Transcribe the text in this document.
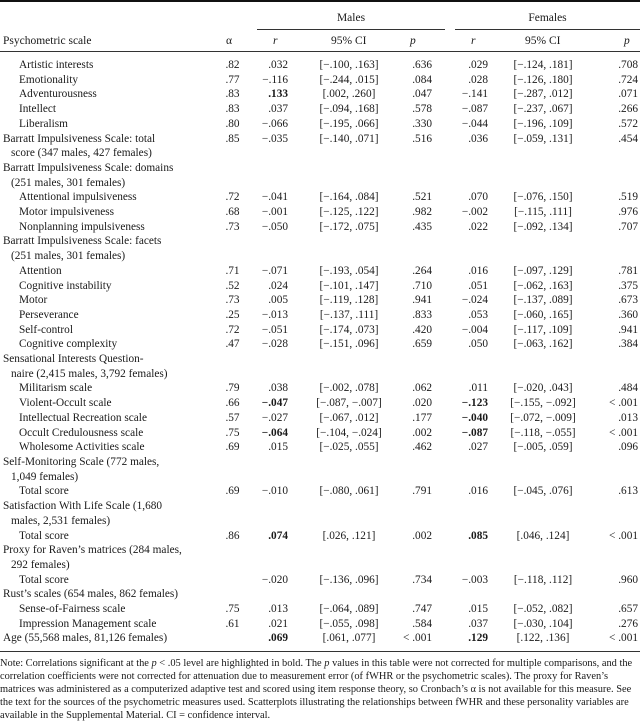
Males	Females
Psychometric scale	α	r	95% CI	p	r	95% CI	p
Artistic interests	.82	.032	[−.100, .163]	.636	.029	[−.124, .181]	.708
Emotionality	.77	−.116	[−.244, .015]	.084	.028	[−.126, .180]	.724
Adventurousness	.83	.133	[.002, .260]	.047	−.141	[−.287, .012]	.071
Intellect	.83	.037	[−.094, .168]	.578	−.087	[−.237, .067]	.266
Liberalism	.80	−.066	[−.195, .066]	.330	−.044	[−.196, .109]	.572
Barratt Impulsiveness Scale: total
score (347 males, 427 females)	.85	−.035	[−.140, .071]	.516	.036	[−.059, .131]	.454
Barratt Impulsiveness Scale: domains
(251 males, 301 females)							
Attentional impulsiveness	.72	−.041	[−.164, .084]	.521	.070	[−.076, .150]	.519
Motor impulsiveness	.68	−.001	[−.125, .122]	.982	−.002	[−.115, .111]	.976
Nonplanning impulsiveness	.73	−.050	[−.172, .075]	.435	.022	[−.092, .134]	.707
Barratt Impulsiveness Scale: facets
(251 males, 301 females)							
Attention	.71	−.071	[−.193, .054]	.264	.016	[−.097, .129]	.781
Cognitive instability	.52	.024	[−.101, .147]	.710	.051	[−.062, .163]	.375
Motor	.73	.005	[−.119, .128]	.941	−.024	[−.137, .089]	.673
Perseverance	.25	−.013	[−.137, .111]	.833	.053	[−.060, .165]	.360
Self-control	.72	−.051	[−.174, .073]	.420	−.004	[−.117, .109]	.941
Cognitive complexity	.47	−.028	[−.151, .096]	.659	.050	[−.063, .162]	.384
Sensational Interests Question-
naire (2,415 males, 3,792 females)							
Militarism scale	.79	.038	[−.002, .078]	.062	.011	[−.020, .043]	.484
Violent-Occult scale	.66	−.047	[−.087, −.007]	.020	−.123	[−.155, −.092]	< .001
Intellectual Recreation scale	.57	−.027	[−.067, .012]	.177	−.040	[−.072, −.009]	.013
Occult Credulousness scale	.75	−.064	[−.104, −.024]	.002	−.087	[−.118, −.055]	< .001
Wholesome Activities scale	.69	.015	[−.025, .055]	.462	.027	[−.005, .059]	.096
Self-Monitoring Scale (772 males,
1,049 females)							
Total score	.69	−.010	[−.080, .061]	.791	.016	[−.045, .076]	.613
Satisfaction With Life Scale (1,680
males, 2,531 females)							
Total score	.86	.074	[.026, .121]	.002	.085	[.046, .124]	< .001
Proxy for Raven’s matrices (284 males,
292 females)							
Total score		−.020	[−.136, .096]	.734	−.003	[−.118, .112]	.960
Rust’s scales (654 males, 862 females)							
Sense-of-Fairness scale	.75	.013	[−.064, .089]	.747	.015	[−.052, .082]	.657
Impression Management scale	.61	.021	[−.055, .098]	.584	.037	[−.030, .104]	.276
Age (55,568 males, 81,126 females)		.069	[.061, .077]	< .001	.129	[.122, .136]	< .001
Note: Correlations significant at the p < .05 level are highlighted in bold. The p values in this table were not corrected for multiple comparisons, and the correlation coefficients were not corrected for attenuation due to measurement error (of fWHR or the psychometric scales). The proxy for Raven’s matrices was administered as a computerized adaptive test and scored using item response theory, so Cronbach’s α is not available for this measure. See the text for the sources of the psychometric measures used. Scatterplots illustrating the relationships between fWHR and these personality variables are available in the Supplemental Material. CI = confidence interval.
